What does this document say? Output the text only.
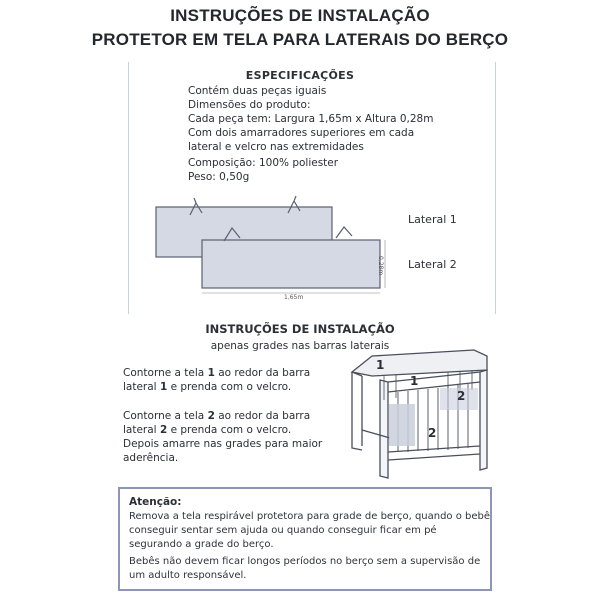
INSTRUÇÕES DE INSTALAÇÃO
PROTETOR EM TELA PARA LATERAIS DO BERÇO
ESPECIFICAÇÕES
Contém duas peças iguais
Dimensões do produto:
Cada peça tem: Largura 1,65m x Altura 0,28m
Com dois amarradores superiores em cada
lateral e velcro nas extremidades
Composição: 100% poliester
Peso: 0,50g
Lateral 1
Lateral 2
1,65m
0,28m
INSTRUÇÕES DE INSTALAÇÃO
apenas grades nas barras laterais
Contorne a tela 1 ao redor da barra
lateral 1 e prenda com o velcro.
Contorne a tela 2 ao redor da barra
lateral 2 e prenda com o velcro.
Depois amarre nas grades para maior
aderência.
1
1
2
2
Atenção:
Remova a tela respirável protetora para grade de berço, quando o bebê
conseguir sentar sem ajuda ou quando conseguir ficar em pé
segurando a grade do berço.
Bebês não devem ficar longos períodos no berço sem a supervisão de
um adulto responsável.
